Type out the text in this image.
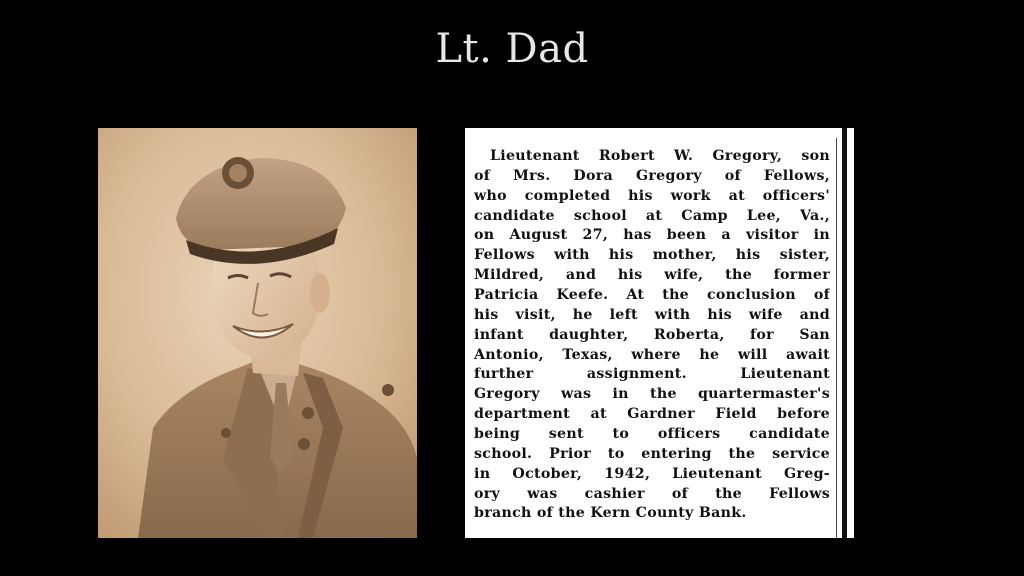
Lt. Dad
Lieutenant Robert W. Gregory, son
of Mrs. Dora Gregory of Fellows,
who completed his work at officers'
candidate school at Camp Lee, Va.,
on August 27, has been a visitor in
Fellows with his mother, his sister,
Mildred, and his wife, the former
Patricia Keefe. At the conclusion of
his visit, he left with his wife and
infant daughter, Roberta, for San
Antonio, Texas, where he will await
further assignment. Lieutenant
Gregory was in the quartermaster's
department at Gardner Field before
being sent to officers candidate
school. Prior to entering the service
in October, 1942, Lieutenant Greg-
ory was cashier of the Fellows
branch of the Kern County Bank.
